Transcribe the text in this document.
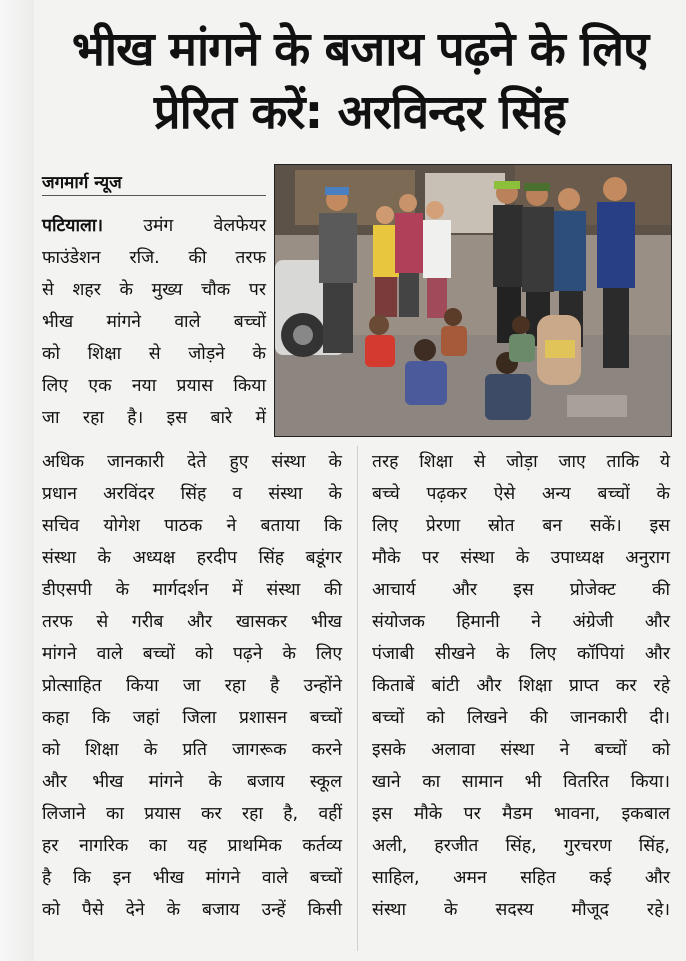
भीख मांगने के बजाय पढ़ने के लिए
प्रेरित करें: अरविन्दर सिंह
जगमार्ग न्यूज
पटियाला। उमंग वेलफेयर
फाउंडेशन रजि. की तरफ
से शहर के मुख्य चौक पर
भीख मांगने वाले बच्चों
को शिक्षा से जोड़ने के
लिए एक नया प्रयास किया
जा रहा है। इस बारे में
अधिक जानकारी देते हुए संस्था के
प्रधान अरविंदर सिंह व संस्था के
सचिव योगेश पाठक ने बताया कि
संस्था के अध्यक्ष हरदीप सिंह बडूंगर
डीएसपी के मार्गदर्शन में संस्था की
तरफ से गरीब और खासकर भीख
मांगने वाले बच्चों को पढ़ने के लिए
प्रोत्साहित किया जा रहा है उन्होंने
कहा कि जहां जिला प्रशासन बच्चों
को शिक्षा के प्रति जागरूक करने
और भीख मांगने के बजाय स्कूल
लिजाने का प्रयास कर रहा है, वहीं
हर नागरिक का यह प्राथमिक कर्तव्य
है कि इन भीख मांगने वाले बच्चों
को पैसे देने के बजाय उन्हें किसी
तरह शिक्षा से जोड़ा जाए ताकि ये
बच्चे पढ़कर ऐसे अन्य बच्चों के
लिए प्रेरणा स्रोत बन सकें। इस
मौके पर संस्था के उपाध्यक्ष अनुराग
आचार्य और इस प्रोजेक्ट की
संयोजक हिमानी ने अंग्रेजी और
पंजाबी सीखने के लिए कॉपियां और
किताबें बांटी और शिक्षा प्राप्त कर रहे
बच्चों को लिखने की जानकारी दी।
इसके अलावा संस्था ने बच्चों को
खाने का सामान भी वितरित किया।
इस मौके पर मैडम भावना, इकबाल
अली, हरजीत सिंह, गुरचरण सिंह,
साहिल, अमन सहित कई और
संस्था के सदस्य मौजूद रहे।
